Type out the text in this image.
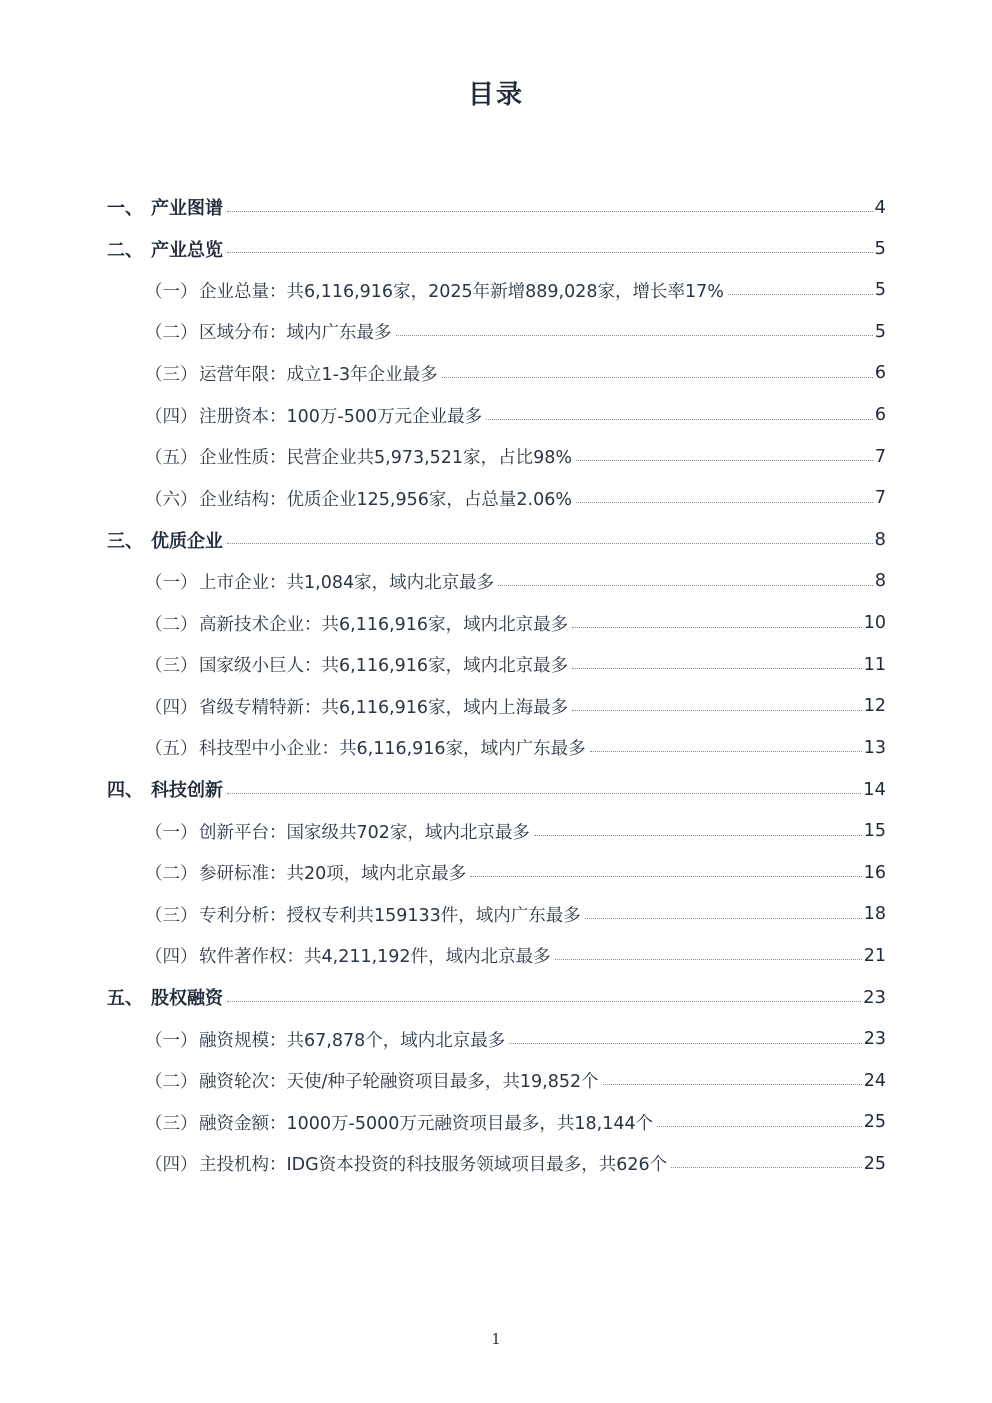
目录
一、 产业图谱	4
二、 产业总览	5
（一） 企业总量：共6,116,916家，2025年新增889,028家，增长率17%	5
（二） 区域分布：域内广东最多	5
（三） 运营年限：成立1-3年企业最多	6
（四） 注册资本：100万-500万元企业最多	6
（五） 企业性质：民营企业共5,973,521家，占比98%	7
（六） 企业结构：优质企业125,956家，占总量2.06%	7
三、 优质企业	8
（一） 上市企业：共1,084家，域内北京最多	8
（二） 高新技术企业：共6,116,916家，域内北京最多	10
（三） 国家级小巨人：共6,116,916家，域内北京最多	11
（四） 省级专精特新：共6,116,916家，域内上海最多	12
（五） 科技型中小企业：共6,116,916家，域内广东最多	13
四、 科技创新	14
（一） 创新平台：国家级共702家，域内北京最多	15
（二） 参研标准：共20项，域内北京最多	16
（三） 专利分析：授权专利共159133件，域内广东最多	18
（四） 软件著作权：共4,211,192件，域内北京最多	21
五、 股权融资	23
（一） 融资规模：共67,878个，域内北京最多	23
（二） 融资轮次：天使/种子轮融资项目最多，共19,852个	24
（三） 融资金额：1000万-5000万元融资项目最多，共18,144个	25
（四） 主投机构：IDG资本投资的科技服务领域项目最多，共626个	25
1
